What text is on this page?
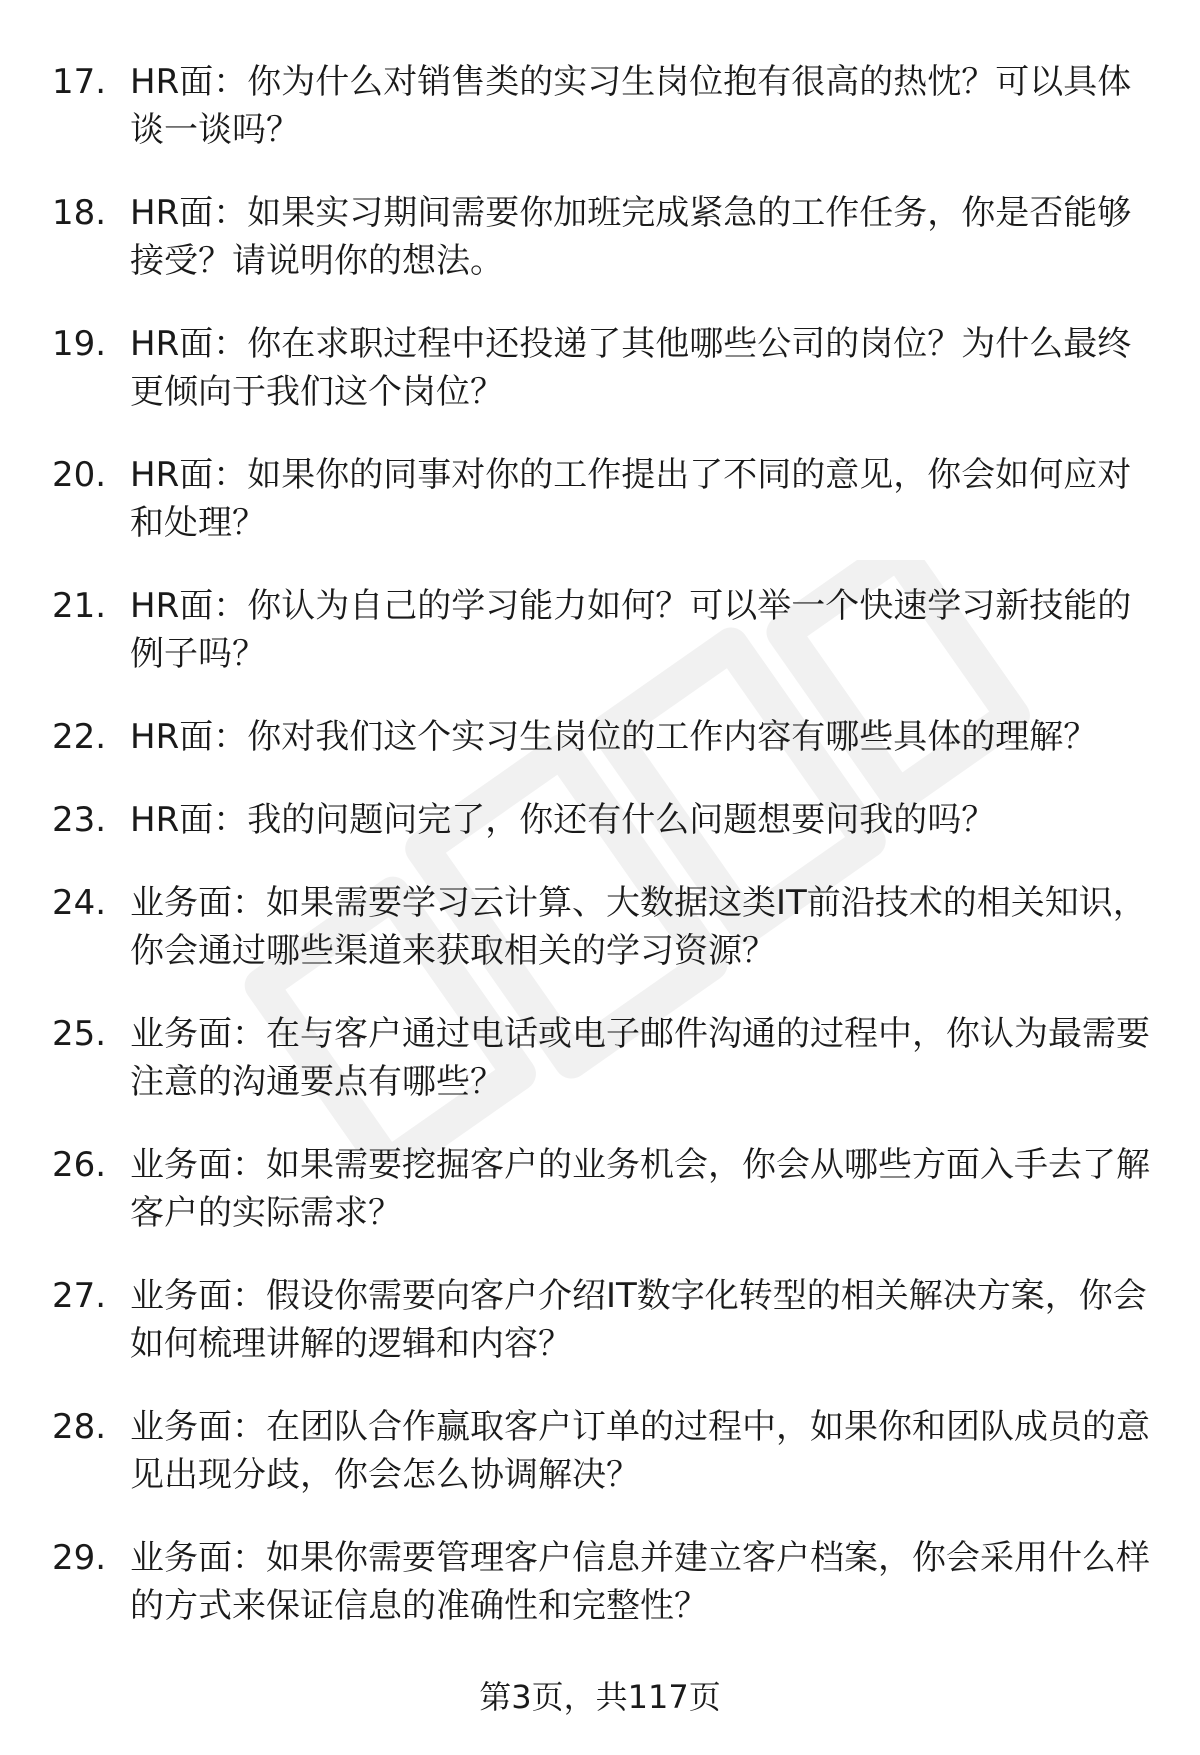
17. HR面：你为什么对销售类的实习生岗位抱有很高的热忱？可以具体谈一谈吗？
18. HR面：如果实习期间需要你加班完成紧急的工作任务，你是否能够接受？请说明你的想法。
19. HR面：你在求职过程中还投递了其他哪些公司的岗位？为什么最终更倾向于我们这个岗位？
20. HR面：如果你的同事对你的工作提出了不同的意见，你会如何应对和处理？
21. HR面：你认为自己的学习能力如何？可以举一个快速学习新技能的例子吗？
22. HR面：你对我们这个实习生岗位的工作内容有哪些具体的理解？
23. HR面：我的问题问完了，你还有什么问题想要问我的吗？
24. 业务面：如果需要学习云计算、大数据这类IT前沿技术的相关知识，你会通过哪些渠道来获取相关的学习资源？
25. 业务面：在与客户通过电话或电子邮件沟通的过程中，你认为最需要注意的沟通要点有哪些？
26. 业务面：如果需要挖掘客户的业务机会，你会从哪些方面入手去了解客户的实际需求？
27. 业务面：假设你需要向客户介绍IT数字化转型的相关解决方案，你会如何梳理讲解的逻辑和内容？
28. 业务面：在团队合作赢取客户订单的过程中，如果你和团队成员的意见出现分歧，你会怎么协调解决？
29. 业务面：如果你需要管理客户信息并建立客户档案，你会采用什么样的方式来保证信息的准确性和完整性？
第3页，共117页
